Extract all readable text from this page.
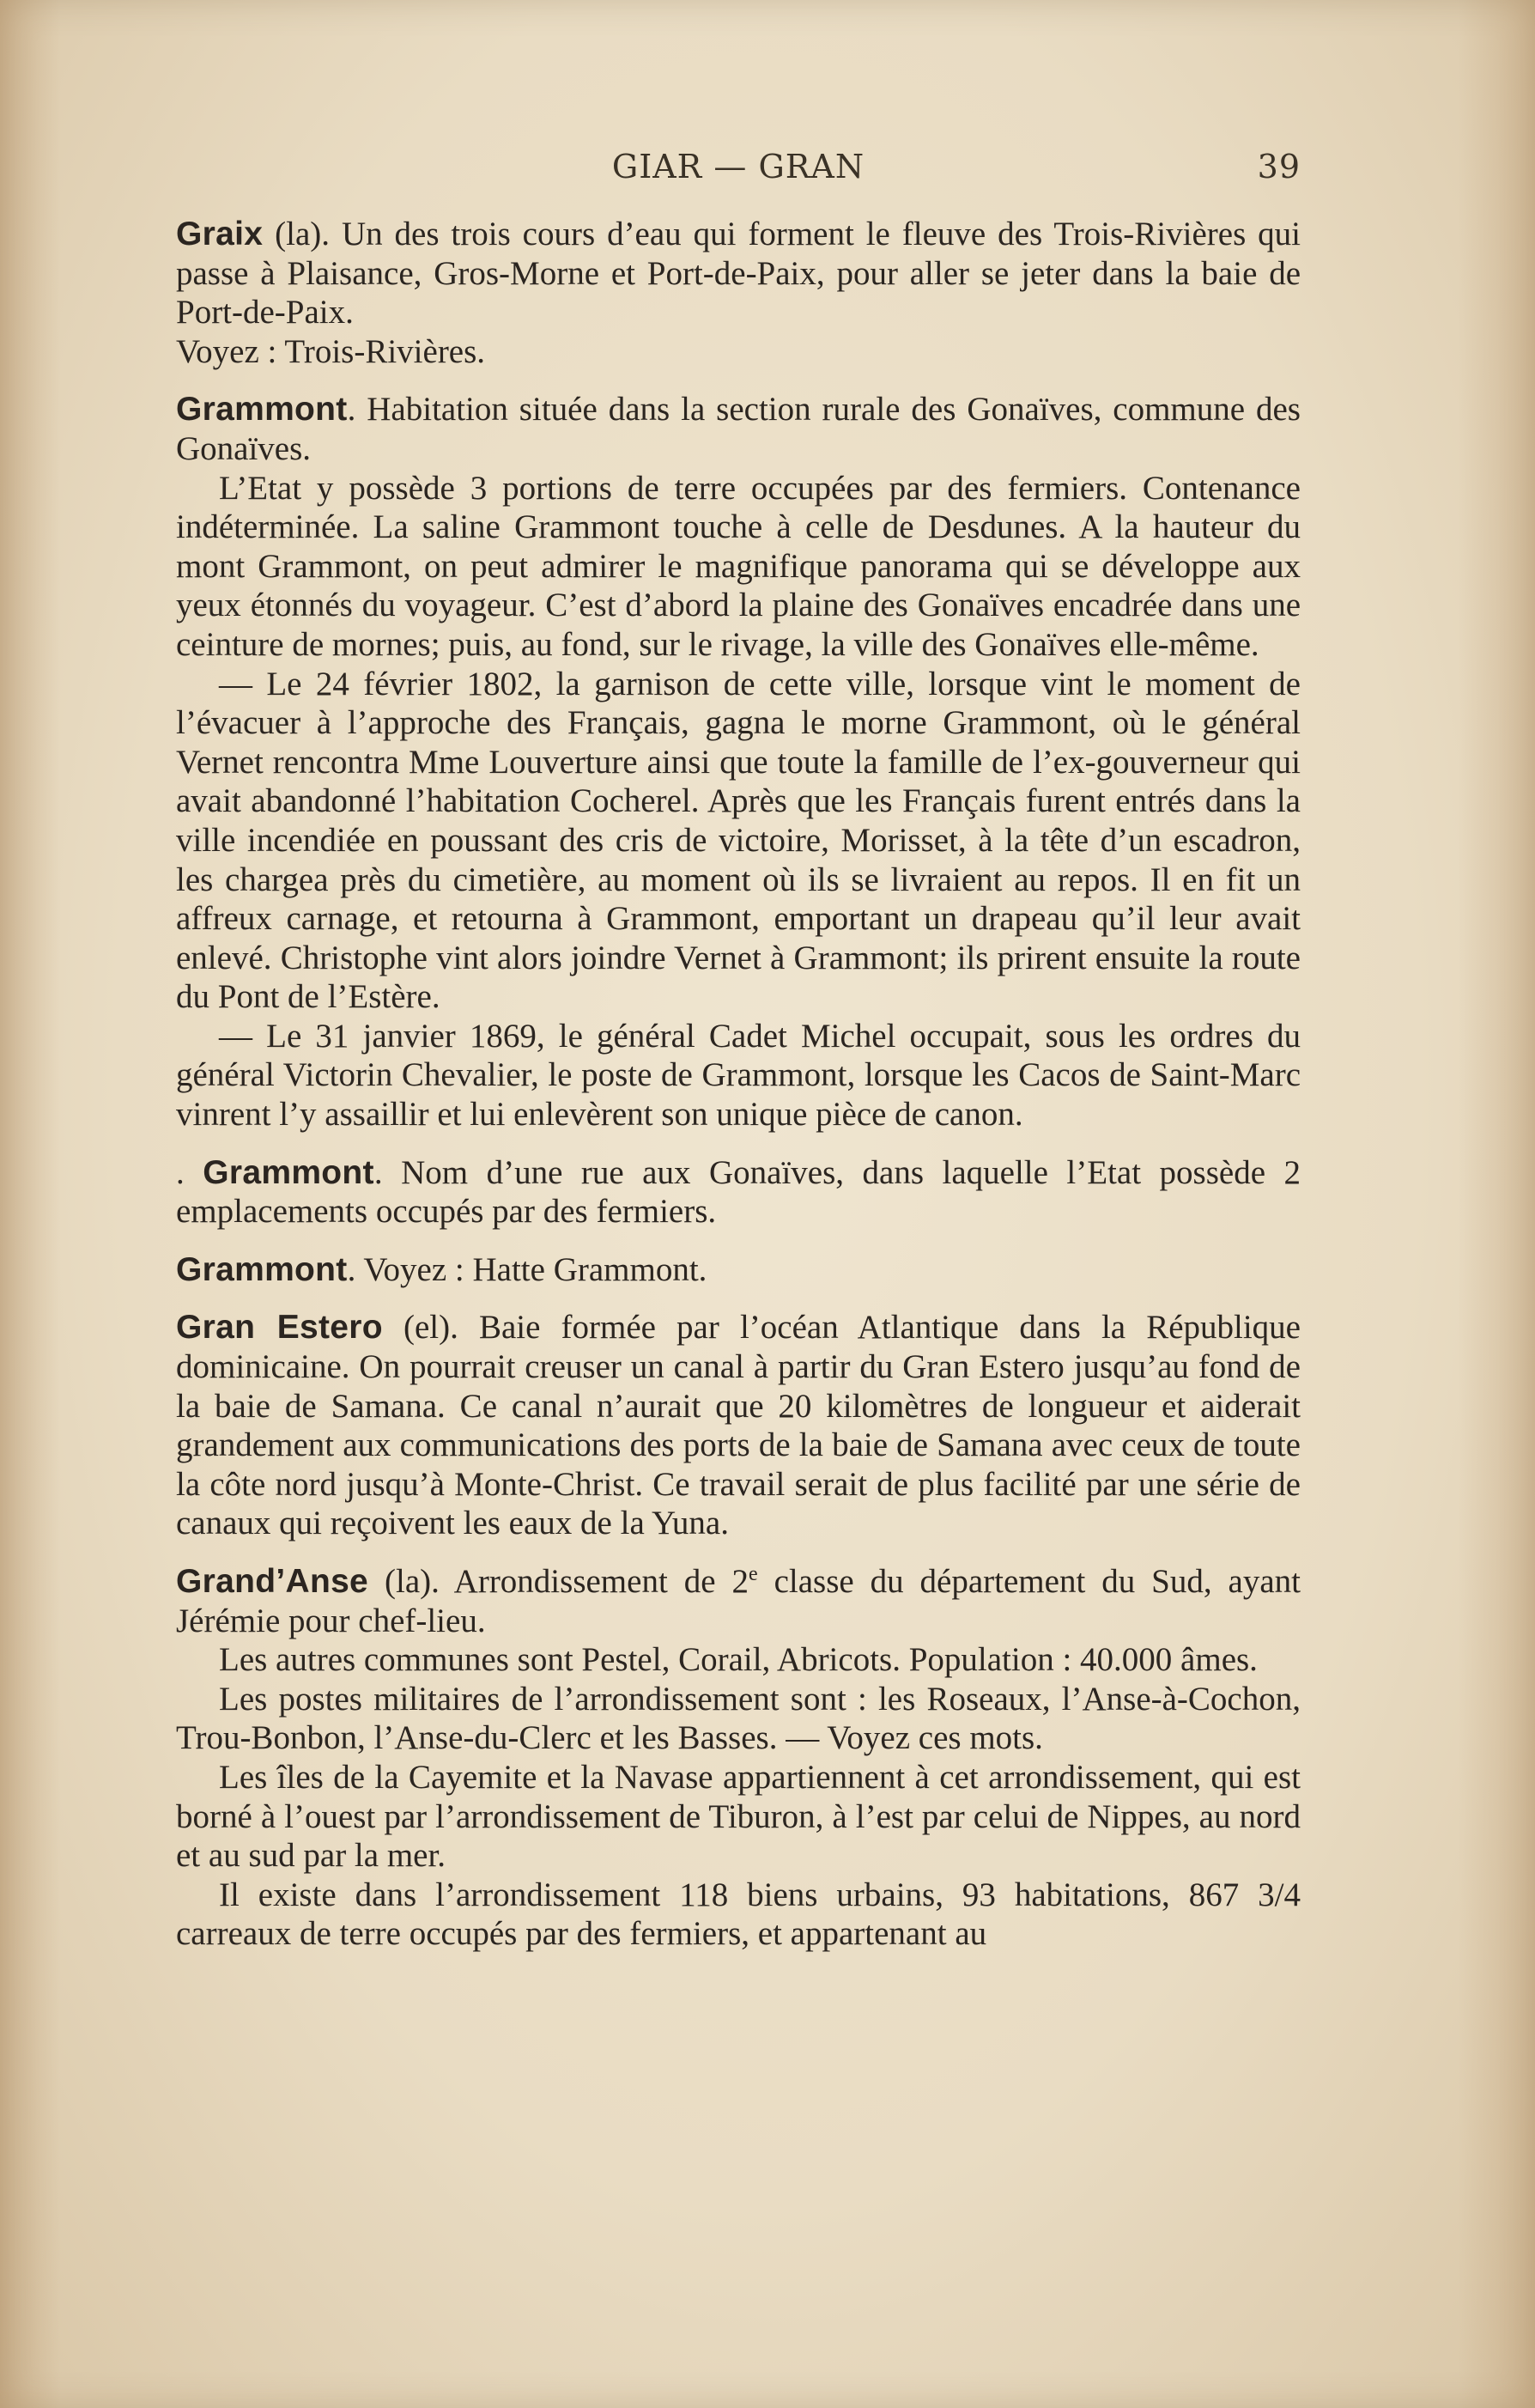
GIAR — GRAN	39

Graix (la). Un des trois cours d’eau qui forment le fleuve des Trois-Rivières qui passe à Plaisance, Gros-Morne et Port-de-Paix, pour aller se jeter dans la baie de Port-de-Paix.

Voyez : Trois-Rivières.

Grammont. Habitation située dans la section rurale des Gonaïves, commune des Gonaïves.

L’Etat y possède 3 portions de terre occupées par des fermiers. Contenance indéterminée. La saline Grammont touche à celle de Desdunes. A la hauteur du mont Grammont, on peut admirer le magnifique panorama qui se développe aux yeux étonnés du voyageur. C’est d’abord la plaine des Gonaïves encadrée dans une ceinture de mornes; puis, au fond, sur le rivage, la ville des Gonaïves elle-même.

— Le 24 février 1802, la garnison de cette ville, lorsque vint le moment de l’évacuer à l’approche des Français, gagna le morne Grammont, où le général Vernet rencontra Mme Louverture ainsi que toute la famille de l’ex-gouverneur qui avait abandonné l’habitation Cocherel. Après que les Français furent entrés dans la ville incendiée en poussant des cris de victoire, Morisset, à la tête d’un escadron, les chargea près du cimetière, au moment où ils se livraient au repos. Il en fit un affreux carnage, et retourna à Grammont, emportant un drapeau qu’il leur avait enlevé. Christophe vint alors joindre Vernet à Grammont; ils prirent ensuite la route du Pont de l’Estère.

— Le 31 janvier 1869, le général Cadet Michel occupait, sous les ordres du général Victorin Chevalier, le poste de Grammont, lorsque les Cacos de Saint-Marc vinrent l’y assaillir et lui enlevèrent son unique pièce de canon.

. Grammont. Nom d’une rue aux Gonaïves, dans laquelle l’Etat possède 2 emplacements occupés par des fermiers.

Grammont. Voyez : Hatte Grammont.

Gran Estero (el). Baie formée par l’océan Atlantique dans la République dominicaine. On pourrait creuser un canal à partir du Gran Estero jusqu’au fond de la baie de Samana. Ce canal n’aurait que 20 kilomètres de longueur et aiderait grandement aux communications des ports de la baie de Samana avec ceux de toute la côte nord jusqu’à Monte-Christ. Ce travail serait de plus facilité par une série de canaux qui reçoivent les eaux de la Yuna.

Grand’Anse (la). Arrondissement de 2e classe du département du Sud, ayant Jérémie pour chef-lieu.

Les autres communes sont Pestel, Corail, Abricots. Population : 40.000 âmes.

Les postes militaires de l’arrondissement sont : les Roseaux, l’Anse-à-Cochon, Trou-Bonbon, l’Anse-du-Clerc et les Basses. — Voyez ces mots.

Les îles de la Cayemite et la Navase appartiennent à cet arrondissement, qui est borné à l’ouest par l’arrondissement de Tiburon, à l’est par celui de Nippes, au nord et au sud par la mer.

Il existe dans l’arrondissement 118 biens urbains, 93 habitations, 867 3/4 carreaux de terre occupés par des fermiers, et appartenant au
